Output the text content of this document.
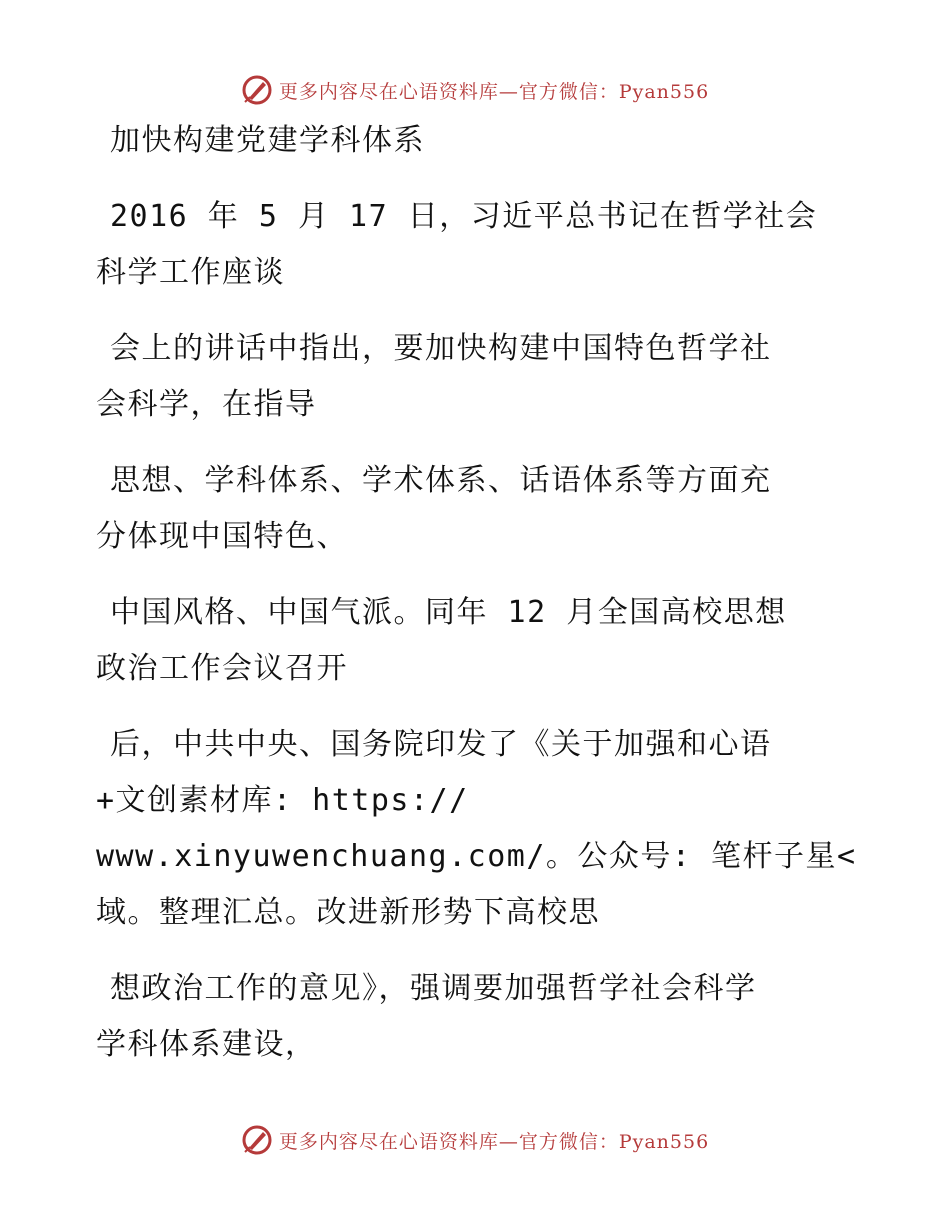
更多内容尽在心语资料库—官方微信：Pyan556
加快构建党建学科体系
2016 年 5 月 17 日，习近平总书记在哲学社会
科学工作座谈
会上的讲话中指出，要加快构建中国特色哲学社
会科学，在指导
思想、学科体系、学术体系、话语体系等方面充
分体现中国特色、
中国风格、中国气派。同年 12 月全国高校思想
政治工作会议召开
后，中共中央、国务院印发了《关于加强和心语
+文创素材库: https://
www.xinyuwenchuang.com/。公众号: 笔杆子星<
域。整理汇总。改进新形势下高校思
想政治工作的意见》，强调要加强哲学社会科学
学科体系建设，
更多内容尽在心语资料库—官方微信：Pyan556
